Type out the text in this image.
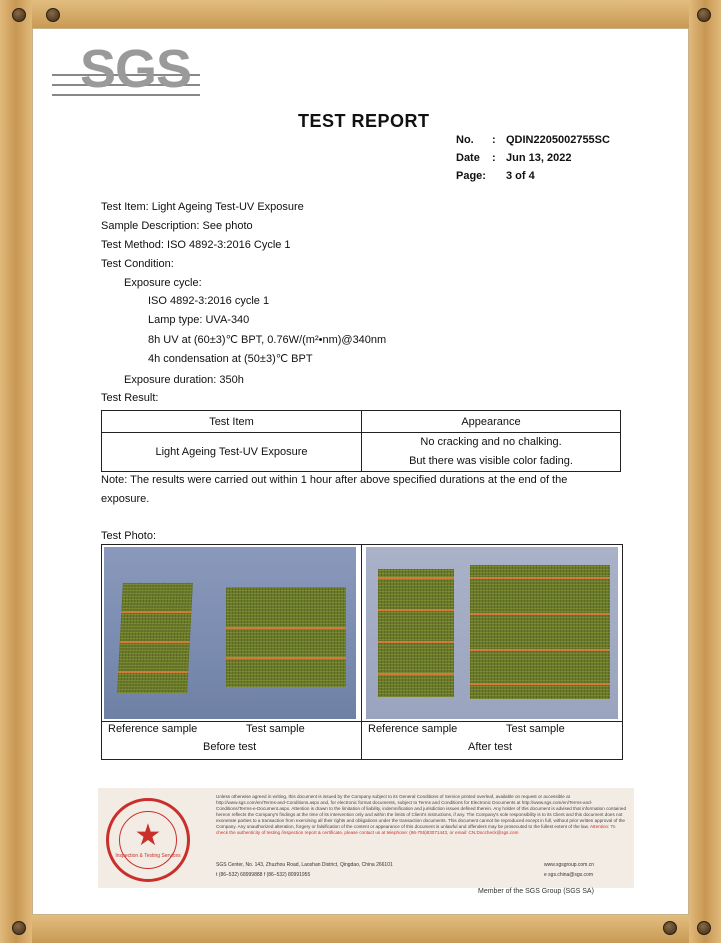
SGS
TEST REPORT
No. : QDIN2205002755SC
Date : Jun 13, 2022
Page: 3 of 4
Test Item: Light Ageing Test-UV Exposure
Sample Description: See photo
Test Method: ISO 4892-3:2016 Cycle 1
Test Condition:
Exposure cycle:
ISO 4892-3:2016 cycle 1
Lamp type: UVA-340
8h UV at (60±3)℃ BPT, 0.76W/(m²•nm)@340nm
4h condensation at (50±3)℃ BPT
Exposure duration: 350h
Test Result:
Test Item	Appearance
Light Ageing Test-UV Exposure	No cracking and no chalking.
But there was visible color fading.
Note: The results were carried out within 1 hour after above specified durations at the end of the
exposure.
Test Photo:
Reference sample	Test sample
Before test
Reference sample	Test sample
After test
★
Inspection & Testing Services
Unless otherwise agreed in writing, this document is issued by the Company subject to its General Conditions of Service printed overleaf, available on request or accessible at http://www.sgs.com/en/Terms-and-Conditions.aspx and, for electronic format documents, subject to Terms and Conditions for Electronic Documents at http://www.sgs.com/en/Terms-and-Conditions/Terms-e-Document.aspx. Attention is drawn to the limitation of liability, indemnification and jurisdiction issues defined therein. Any holder of this document is advised that information contained hereon reflects the Company's findings at the time of its intervention only and within the limits of Client's instructions, if any. The Company's sole responsibility is to its Client and this document does not exonerate parties to a transaction from exercising all their rights and obligations under the transaction documents. This document cannot be reproduced except in full, without prior written approval of the Company. Any unauthorized alteration, forgery or falsification of the content or appearance of this document is unlawful and offenders may be prosecuted to the fullest extent of the law. Attention: To check the authenticity of testing /inspection report & certificate, please contact us at telephone: (86-755)83071443, or email: CN.Doccheck@sgs.com
SGS Center, No. 143, Zhuzhou Road, Laoshan District, Qingdao, China 266101
t (86–532) 68999888 f (86–532) 80991955
www.sgsgroup.com.cn
e sgs.china@sgs.com
Member of the SGS Group (SGS SA)
